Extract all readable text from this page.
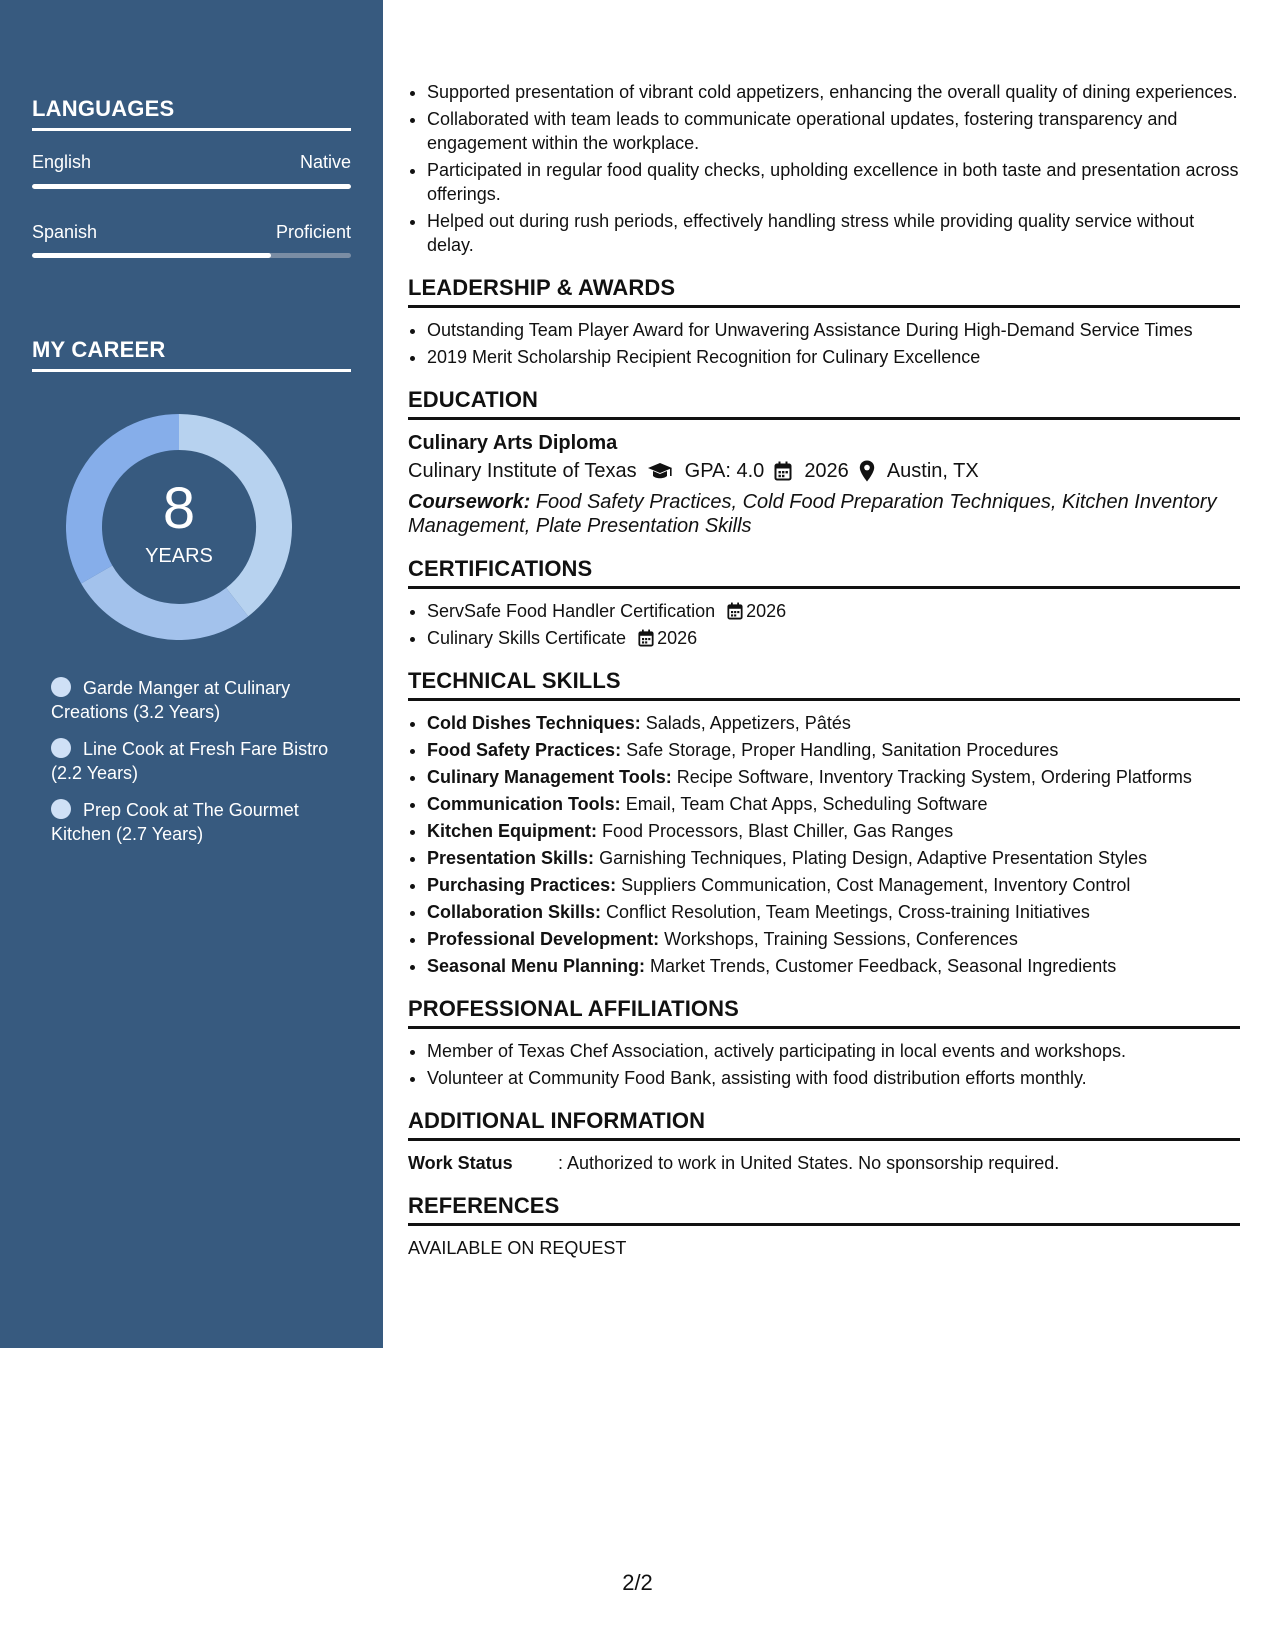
LANGUAGES
English	Native
Spanish	Proficient
MY CAREER
8
YEARS
Garde Manger at Culinary Creations (3.2 Years)
Line Cook at Fresh Fare Bistro (2.2 Years)
Prep Cook at The Gourmet Kitchen (2.7 Years)
• Supported presentation of vibrant cold appetizers, enhancing the overall quality of dining experiences.
• Collaborated with team leads to communicate operational updates, fostering transparency and engagement within the workplace.
• Participated in regular food quality checks, upholding excellence in both taste and presentation across offerings.
• Helped out during rush periods, effectively handling stress while providing quality service without delay.
LEADERSHIP & AWARDS
• Outstanding Team Player Award for Unwavering Assistance During High-Demand Service Times
• 2019 Merit Scholarship Recipient Recognition for Culinary Excellence
EDUCATION
Culinary Arts Diploma
Culinary Institute of Texas GPA: 4.0 2026 Austin, TX
Coursework: Food Safety Practices, Cold Food Preparation Techniques, Kitchen Inventory Management, Plate Presentation Skills
CERTIFICATIONS
• ServSafe Food Handler Certification 2026
• Culinary Skills Certificate 2026
TECHNICAL SKILLS
• Cold Dishes Techniques: Salads, Appetizers, Pâtés
• Food Safety Practices: Safe Storage, Proper Handling, Sanitation Procedures
• Culinary Management Tools: Recipe Software, Inventory Tracking System, Ordering Platforms
• Communication Tools: Email, Team Chat Apps, Scheduling Software
• Kitchen Equipment: Food Processors, Blast Chiller, Gas Ranges
• Presentation Skills: Garnishing Techniques, Plating Design, Adaptive Presentation Styles
• Purchasing Practices: Suppliers Communication, Cost Management, Inventory Control
• Collaboration Skills: Conflict Resolution, Team Meetings, Cross-training Initiatives
• Professional Development: Workshops, Training Sessions, Conferences
• Seasonal Menu Planning: Market Trends, Customer Feedback, Seasonal Ingredients
PROFESSIONAL AFFILIATIONS
• Member of Texas Chef Association, actively participating in local events and workshops.
• Volunteer at Community Food Bank, assisting with food distribution efforts monthly.
ADDITIONAL INFORMATION
Work Status	: Authorized to work in United States. No sponsorship required.
REFERENCES
AVAILABLE ON REQUEST
2/2
